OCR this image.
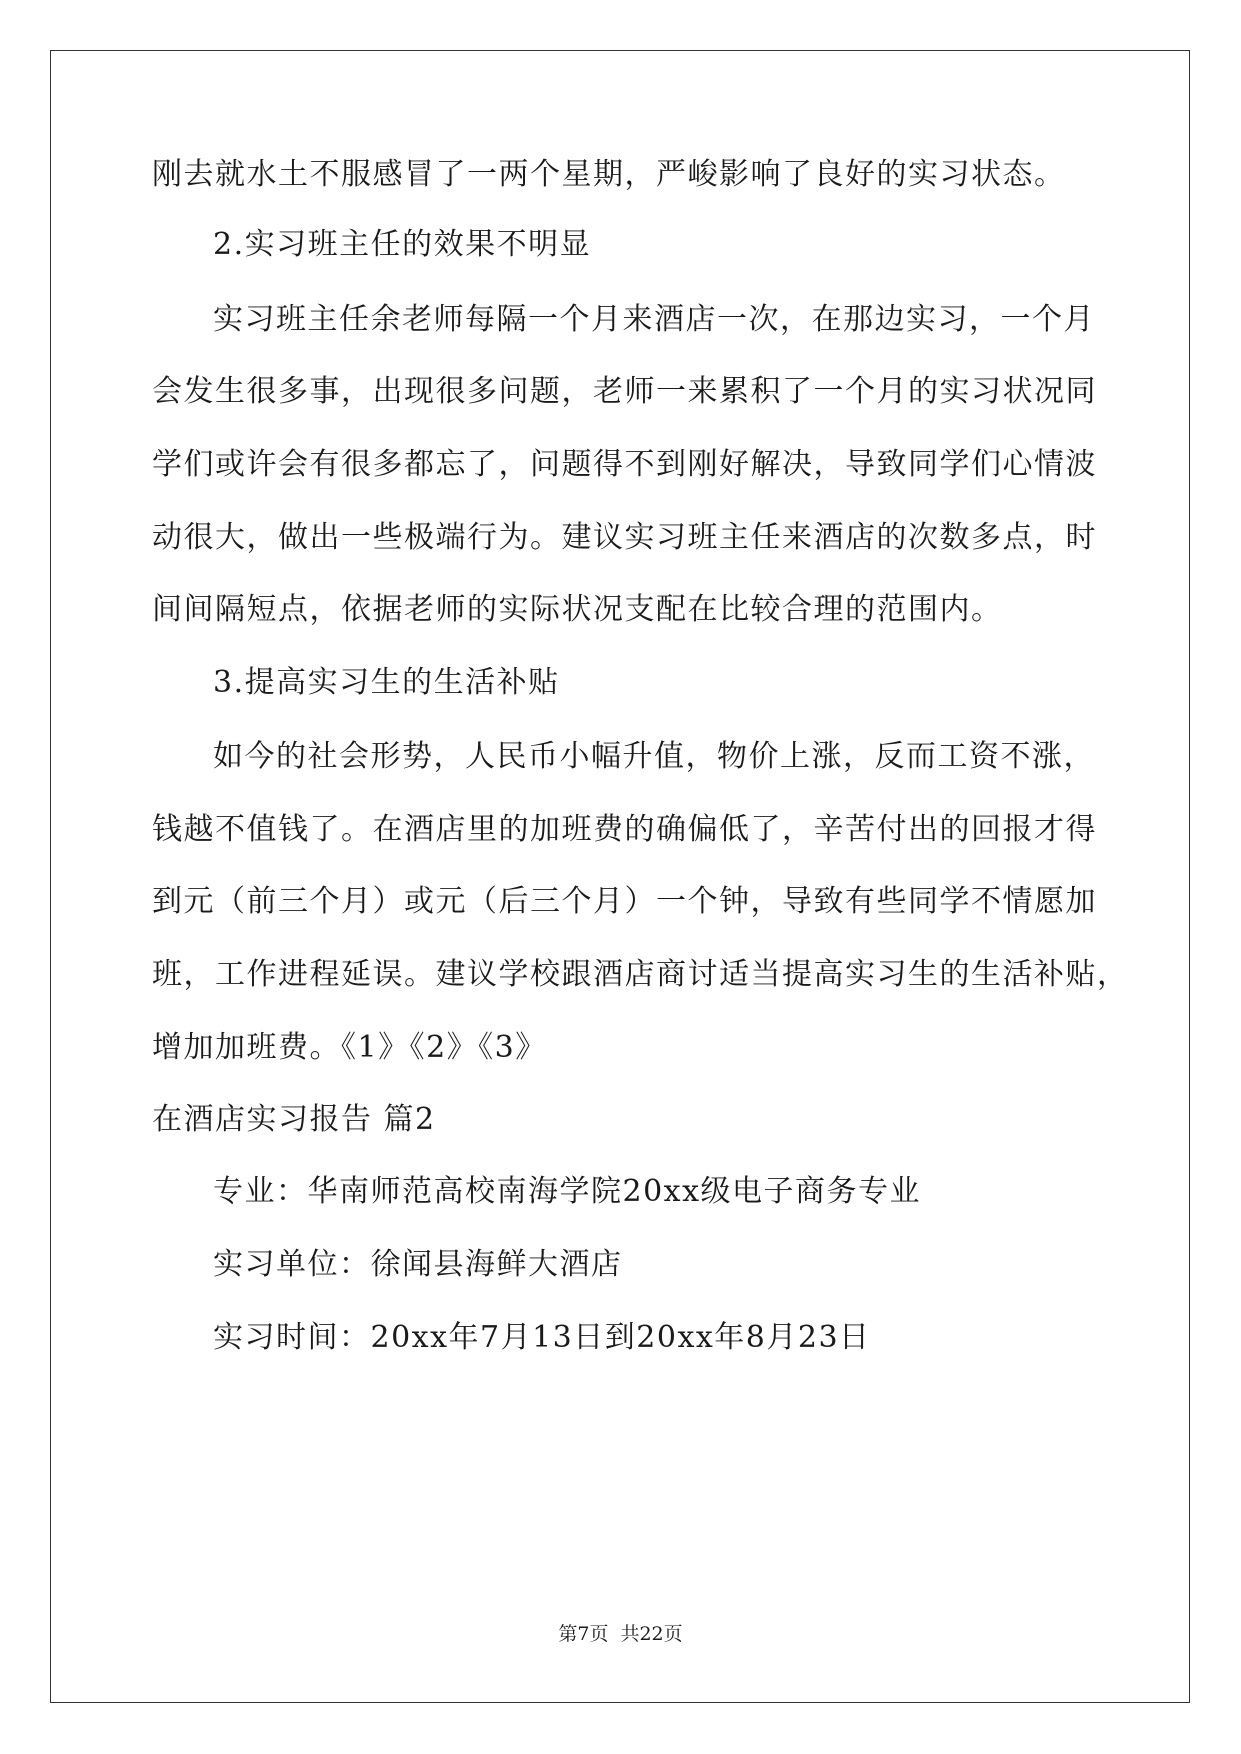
刚去就水土不服感冒了一两个星期，严峻影响了良好的实习状态。
2.实习班主任的效果不明显
实习班主任余老师每隔一个月来酒店一次，在那边实习，一个月
会发生很多事，出现很多问题，老师一来累积了一个月的实习状况同
学们或许会有很多都忘了，问题得不到刚好解决，导致同学们心情波
动很大，做出一些极端行为。建议实习班主任来酒店的次数多点，时
间间隔短点，依据老师的实际状况支配在比较合理的范围内。
3.提高实习生的生活补贴
如今的社会形势，人民币小幅升值，物价上涨，反而工资不涨，
钱越不值钱了。在酒店里的加班费的确偏低了，辛苦付出的回报才得
到元（前三个月）或元（后三个月）一个钟，导致有些同学不情愿加
班，工作进程延误。建议学校跟酒店商讨适当提高实习生的生活补贴，
增加加班费。《1》《2》《3》
在酒店实习报告 篇2
专业：华南师范高校南海学院20xx级电子商务专业
实习单位：徐闻县海鲜大酒店
实习时间：20xx年7月13日到20xx年8月23日
第7页 共22页
